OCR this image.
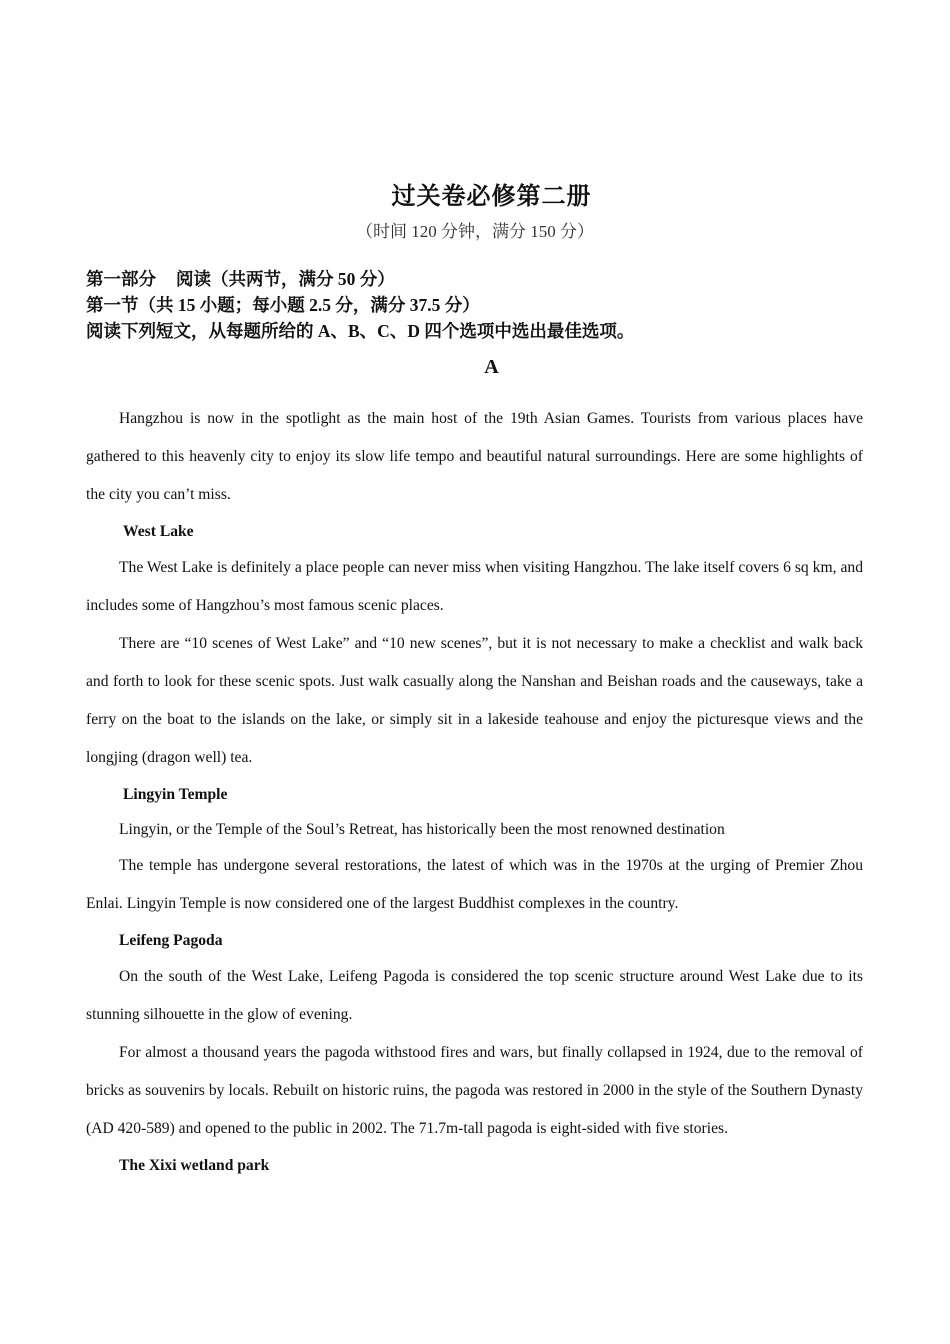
过关卷必修第二册
（时间 120 分钟，满分 150 分）
第一部分 阅读（共两节，满分 50 分）
第一节（共 15 小题；每小题 2.5 分，满分 37.5 分）
阅读下列短文，从每题所给的 A、B、C、D 四个选项中选出最佳选项。
A

Hangzhou is now in the spotlight as the main host of the 19th Asian Games. Tourists from various places have gathered to this heavenly city to enjoy its slow life tempo and beautiful natural surroundings. Here are some highlights of the city you can’t miss.

West Lake

The West Lake is definitely a place people can never miss when visiting Hangzhou. The lake itself covers 6 sq km, and includes some of Hangzhou’s most famous scenic places.

There are “10 scenes of West Lake” and “10 new scenes”, but it is not necessary to make a checklist and walk back and forth to look for these scenic spots. Just walk casually along the Nanshan and Beishan roads and the causeways, take a ferry on the boat to the islands on the lake, or simply sit in a lakeside teahouse and enjoy the picturesque views and the longjing (dragon well) tea.

Lingyin Temple

Lingyin, or the Temple of the Soul’s Retreat, has historically been the most renowned destination

The temple has undergone several restorations, the latest of which was in the 1970s at the urging of Premier Zhou Enlai. Lingyin Temple is now considered one of the largest Buddhist complexes in the country.

Leifeng Pagoda

On the south of the West Lake, Leifeng Pagoda is considered the top scenic structure around West Lake due to its stunning silhouette in the glow of evening.

For almost a thousand years the pagoda withstood fires and wars, but finally collapsed in 1924, due to the removal of bricks as souvenirs by locals. Rebuilt on historic ruins, the pagoda was restored in 2000 in the style of the Southern Dynasty (AD 420-589) and opened to the public in 2002. The 71.7m-tall pagoda is eight-sided with five stories.

The Xixi wetland park
